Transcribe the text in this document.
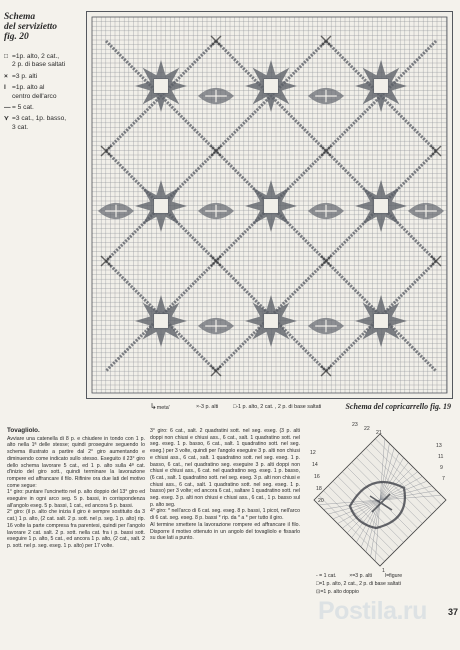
Schema
del servizietto
fig. 20
□ =1p. alto, 2 cat.,
2 p. di base saltati
× =3 p. alti
l =1p. alto al
centro dell'arco
—= 5 cat.
⋎ =3 cat., 1p. basso,
3 cat.
↳meta'	×-3 p. alti	□-1 p. alto, 2 cat. , 2 p. di base saltati	Schema del copricarrello fig. 19
Tovagliolo.
Avviare una catenella di 8 p. e chiudere in tondo con 1 p. alto nella 1ª delle stesse; quindi proseguire seguendo lo schema illustrato a partire dal 2° giro aumentando e diminuendo come indicato sullo stesso. Eseguito il 23° giro dello schema lavorare 5 cat., ed 1 p. alto sulla 4ª cat. d'inizio del giro sott., quindi terminare la lavorazione rompere ed affrancare il filo. Rifinire ora due lati del motivo come segue:
1° giro: puntare l'uncinetto nel p. alto doppio del 13° giro ed eseguire in ogni arco seg. 5 p. bassi, in corrispondenza all'angolo eseg. 5 p. bassi, 1 cat., ed ancora 5 p. bassi.
2° giro: (il p. alto che inizia il giro è sempre sostituito da 3 cat.) 1 p. alto, (2 cat. salt. 2 p. sott. nel p. seg. 1 p. alto) rip. 16 volte la parte compresa fra parentesi, quindi per l'angolo lavorare 2 cat. salt. 2 p. sott. nella cat. fra i p. bassi sott. eseguire 1 p. alto, 5 cat., ed ancora 1 p. alto, (2 cat., salt. 2 p. sott. nel p. seg. eseg. 1 p. alto) per 17 volte.
3° giro: 6 cat., salt. 2 quadratini sott. nel seg. eseg. (3 p. alti doppi non chiusi e chiusi ass., 6 cat., salt. 1 quadratino sott. nel seg. eseg. 1 p. basso, 6 cat., salt. 1 quadratino sott. nel seg. eseg.) per 3 volte, quindi per l'angolo eseguire 3 p. alti non chiusi e chiusi ass., 6 cat., salt. 1 quadratino sott. nel seg. eseg. 1 p. basso, 6 cat., nel quadratino seg. eseguire 3 p. alti doppi non chiusi e chiusi ass., 6 cat. nel quadratino seg. eseg. 1 p. basso, (6 cat., salt. 1 quadratino sott. nel seg. eseg. 3 p. alti non chiusi e chiusi ass., 6 cat., salt. 1 quadratino sott. nel seg. eseg. 1 p. basso) per 3 volte; ed ancora 6 cat., saltare 1 quadratino sott. nel seg. eseg. 3 p. alti non chiusi e chiusi ass., 6 cat., 1 p. basso sul p. alto seg.
4° giro: * nell'arco di 6 cat. seg. eseg. 8 p. bassi, 1 picot, nell'arco di 6 cat. seg. eseg. 8 p. bassi * rip. da * a * per tutto il giro.
Al termine smettere la lavorazione rompere ed affrancare il filo. Disporre il motivo ottenuto in un angolo del tovagliolo e fissarlo su due lati a punto.
23
22
21
12
14
16
18
20
7
9
11
13
1
- = 1 cat. ×=3 p. alti l=figure
□=1 p. alto, 2 cat., 2 p. di base saltati
⊡=1 p. alto doppio
Postila.ru 37
